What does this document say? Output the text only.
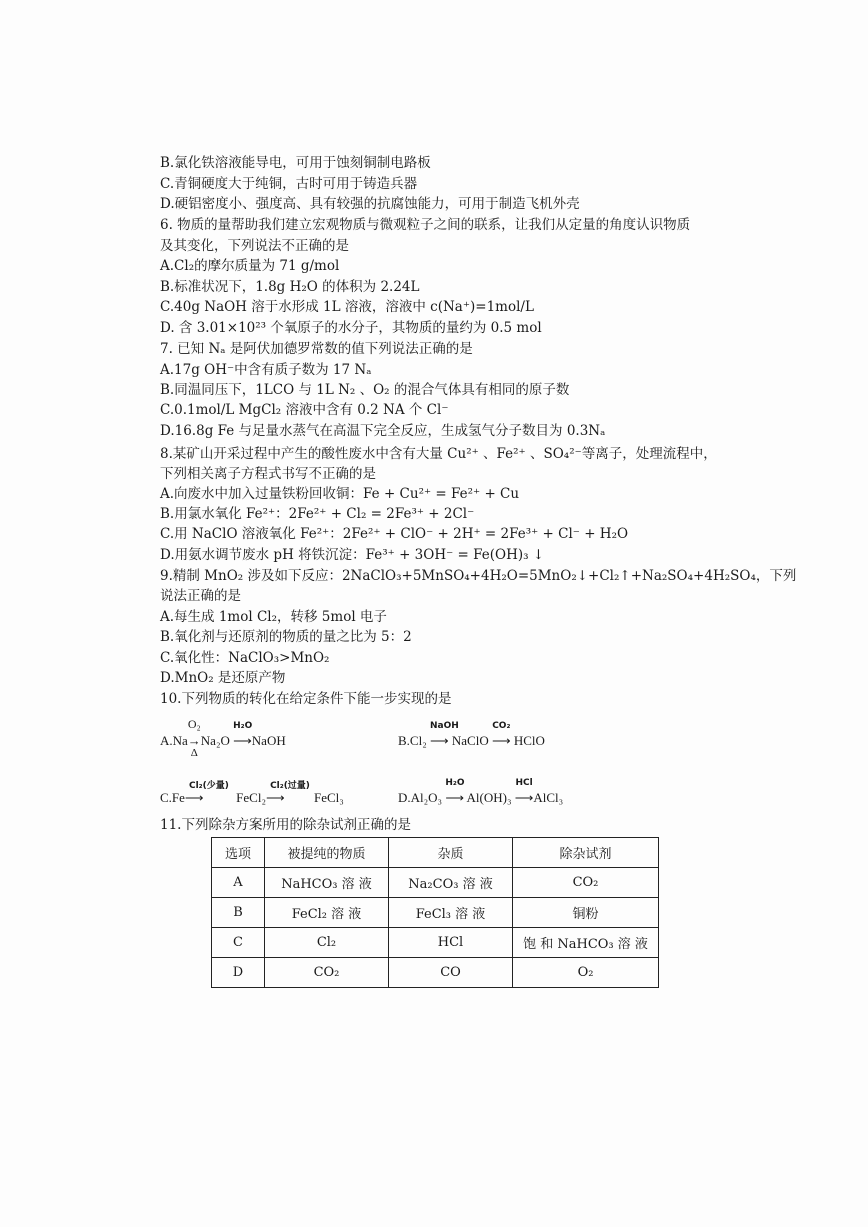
B.氯化铁溶液能导电，可用于蚀刻铜制电路板
C.青铜硬度大于纯铜，古时可用于铸造兵器
D.硬铝密度小、强度高、具有较强的抗腐蚀能力，可用于制造飞机外壳
6. 物质的量帮助我们建立宏观物质与微观粒子之间的联系，让我们从定量的角度认识物质
及其变化，下列说法不正确的是
A.Cl₂的摩尔质量为 71 g/mol
B.标准状况下，1.8g H₂O 的体积为 2.24L
C.40g NaOH 溶于水形成 1L 溶液，溶液中 c(Na⁺)=1mol/L
D. 含 3.01×10²³ 个氧原子的水分子，其物质的量约为 0.5 mol
7. 已知 Nₐ 是阿伏加德罗常数的值下列说法正确的是
A.17g OH⁻中含有质子数为 17 Nₐ
B.同温同压下，1LCO 与 1L N₂ 、O₂ 的混合气体具有相同的原子数
C.0.1mol/L MgCl₂ 溶液中含有 0.2 NA 个 Cl⁻
D.16.8g Fe 与足量水蒸气在高温下完全反应，生成氢气分子数目为 0.3Nₐ
8.某矿山开采过程中产生的酸性废水中含有大量 Cu²⁺ 、Fe²⁺ 、SO₄²⁻等离子，处理流程中，
下列相关离子方程式书写不正确的是
A.向废水中加入过量铁粉回收铜：Fe + Cu²⁺ = Fe²⁺ + Cu
B.用氯水氧化 Fe²⁺：2Fe²⁺ + Cl₂ = 2Fe³⁺ + 2Cl⁻
C.用 NaClO 溶液氧化 Fe²⁺：2Fe²⁺ + ClO⁻ + 2H⁺ = 2Fe³⁺ + Cl⁻ + H₂O
D.用氨水调节废水 pH 将铁沉淀：Fe³⁺ + 3OH⁻ = Fe(OH)₃ ↓
9.精制 MnO₂ 涉及如下反应：2NaClO₃+5MnSO₄+4H₂O=5MnO₂↓+Cl₂↑+Na₂SO₄+4H₂SO₄，下列
说法正确的是
A.每生成 1mol Cl₂，转移 5mol 电子
B.氧化剂与还原剂的物质的量之比为 5：2
C.氧化性：NaClO₃>MnO₂
D.MnO₂ 是还原产物
10.下列物质的转化在给定条件下能一步实现的是
A.Na
O₂
→
Δ
Na₂O
H₂O
⟶NaOH	B.Cl₂
NaOH
⟶ NaClO
CO₂
⟶ HClO
C.Fe
Cl₂(少量)
⟶	FeCl₂
Cl₂(过量)
⟶ FeCl₃	D.Al₂O₃
H₂O
⟶ Al(OH)₃
HCl
⟶AlCl₃
11.下列除杂方案所用的除杂试剂正确的是
选项	被提纯的物质	杂质	除杂试剂
A	NaHCO₃ 溶 液	Na₂CO₃ 溶 液	CO₂
B	FeCl₂ 溶 液	FeCl₃ 溶 液	铜粉
C	Cl₂	HCl	饱 和 NaHCO₃ 溶 液
D	CO₂	CO	O₂
